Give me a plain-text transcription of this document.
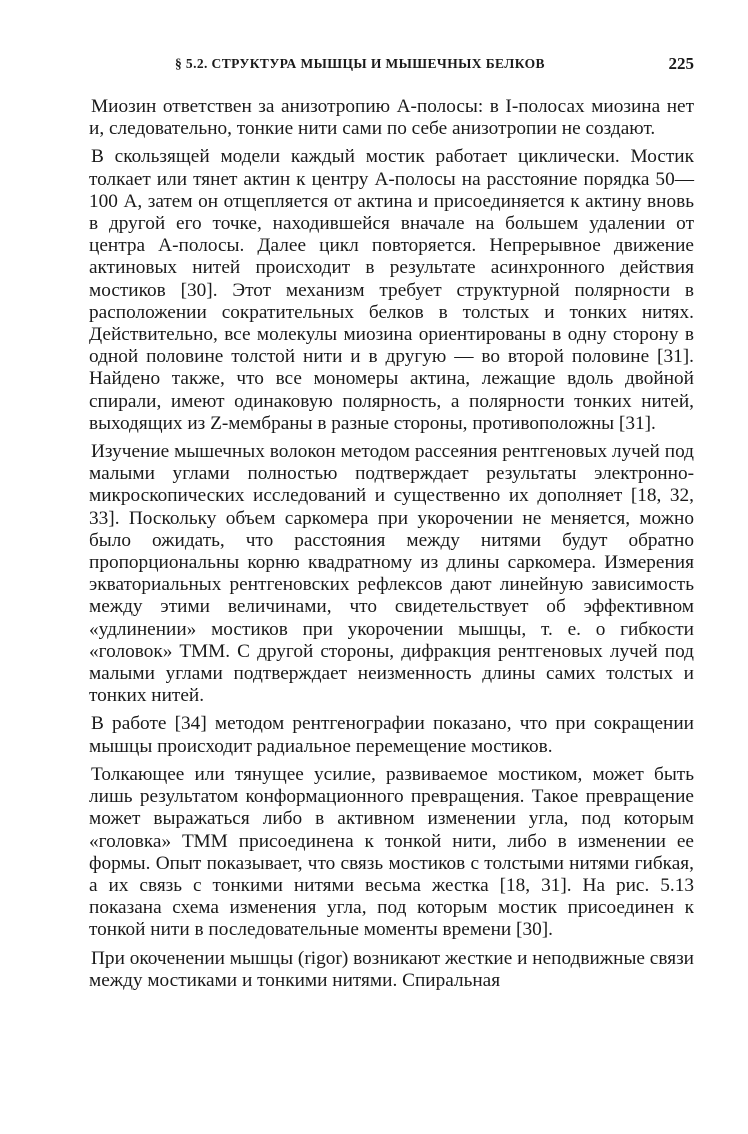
§ 5.2. СТРУКТУРА МЫШЦЫ И МЫШЕЧНЫХ БЕЛКОВ	225

Миозин ответствен за анизотропию А-полосы: в I-полосах миозина нет и, следовательно, тонкие нити сами по себе анизотропии не создают.

В скользящей модели каждый мостик работает циклически. Мостик толкает или тянет актин к центру А-полосы на расстояние порядка 50—100 А, затем он отщепляется от актина и присоединяется к актину вновь в другой его точке, находившейся вначале на большем удалении от центра А-полосы. Далее цикл повторяется. Непрерывное движение актиновых нитей происходит в результате асинхронного действия мостиков [30]. Этот механизм требует структурной полярности в расположении сократительных белков в толстых и тонких нитях. Действительно, все молекулы миозина ориентированы в одну сторону в одной половине толстой нити и в другую — во второй половине [31]. Найдено также, что все мономеры актина, лежащие вдоль двойной спирали, имеют одинаковую полярность, а полярности тонких нитей, выходящих из Z-мембраны в разные стороны, противоположны [31].

Изучение мышечных волокон методом рассеяния рентгеновых лучей под малыми углами полностью подтверждает результаты электронно-микроскопических исследований и существенно их дополняет [18, 32, 33]. Поскольку объем саркомера при укорочении не меняется, можно было ожидать, что расстояния между нитями будут обратно пропорциональны корню квадратному из длины саркомера. Измерения экваториальных рентгеновских рефлексов дают линейную зависимость между этими величинами, что свидетельствует об эффективном «удлинении» мостиков при укорочении мышцы, т. е. о гибкости «головок» ТММ. С другой стороны, дифракция рентгеновых лучей под малыми углами подтверждает неизменность длины самих толстых и тонких нитей.

В работе [34] методом рентгенографии показано, что при сокращении мышцы происходит радиальное перемещение мостиков.

Толкающее или тянущее усилие, развиваемое мостиком, может быть лишь результатом конформационного превращения. Такое превращение может выражаться либо в активном изменении угла, под которым «головка» ТММ присоединена к тонкой нити, либо в изменении ее формы. Опыт показывает, что связь мостиков с толстыми нитями гибкая, а их связь с тонкими нитями весьма жестка [18, 31]. На рис. 5.13 показана схема изменения угла, под которым мостик присоединен к тонкой нити в последовательные моменты времени [30].

При окоченении мышцы (rigor) возникают жесткие и неподвижные связи между мостиками и тонкими нитями. Спиральная
